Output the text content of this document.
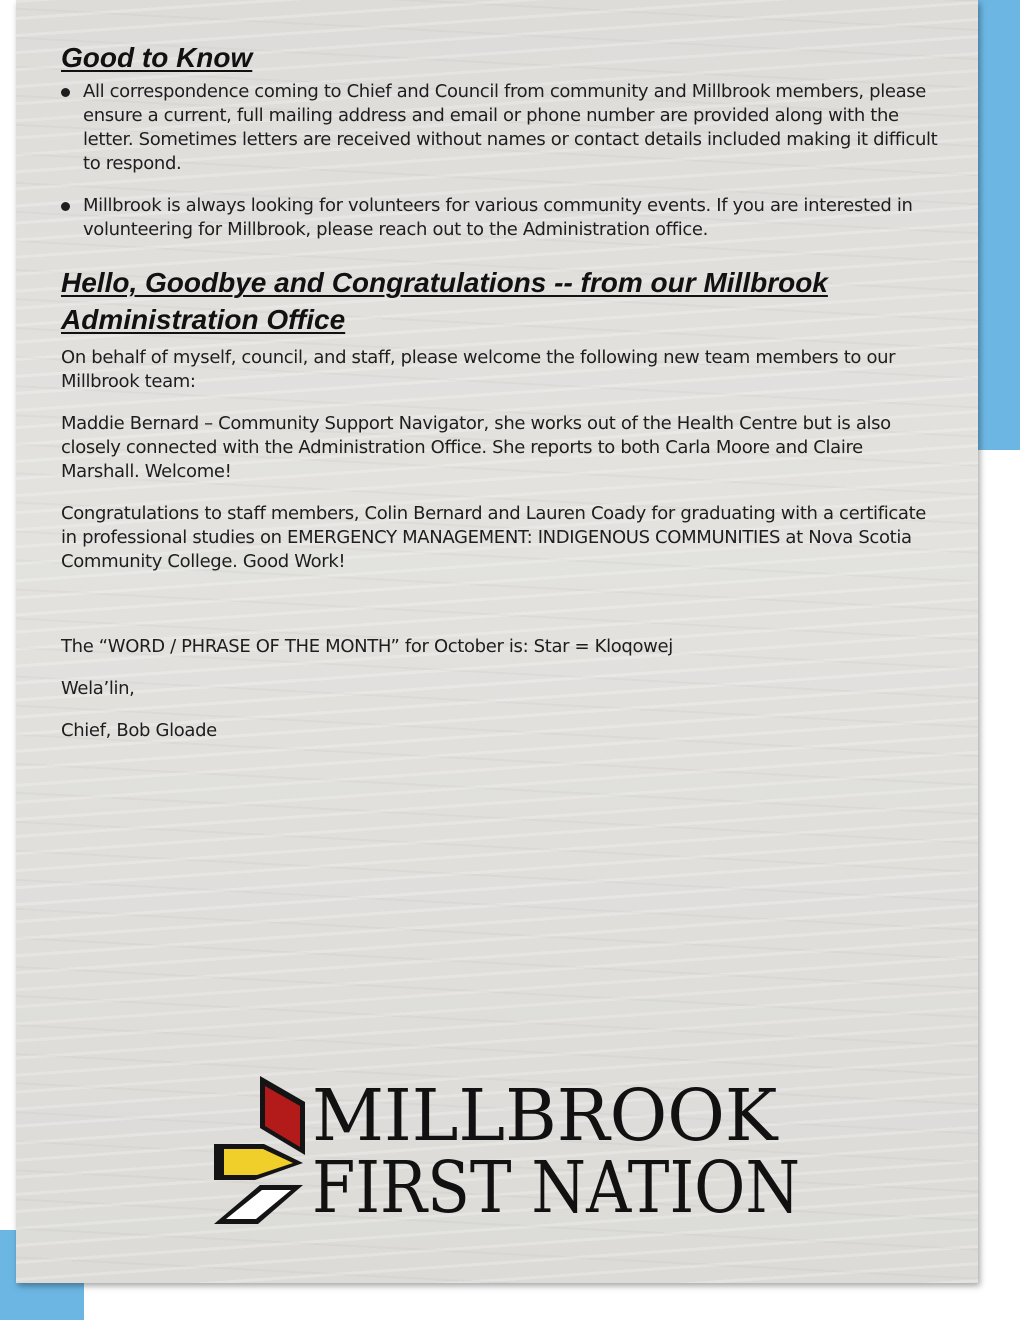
Good to Know
All correspondence coming to Chief and Council from community and Millbrook members, please ensure a current, full mailing address and email or phone number are provided along with the letter. Sometimes letters are received without names or contact details included making it difficult to respond.
Millbrook is always looking for volunteers for various community events. If you are interested in volunteering for Millbrook, please reach out to the Administration office.
Hello, Goodbye and Congratulations -- from our Millbrook Administration Office

On behalf of myself, council, and staff, please welcome the following new team members to our Millbrook team:

Maddie Bernard – Community Support Navigator, she works out of the Health Centre but is also closely connected with the Administration Office. She reports to both Carla Moore and Claire Marshall. Welcome!

Congratulations to staff members, Colin Bernard and Lauren Coady for graduating with a certificate in professional studies on EMERGENCY MANAGEMENT: INDIGENOUS COMMUNITIES at Nova Scotia Community College. Good Work!

The “WORD / PHRASE OF THE MONTH” for October is: Star = Kloqowej

Wela’lin,

Chief, Bob Gloade

MILLBROOK
FIRST NATION
